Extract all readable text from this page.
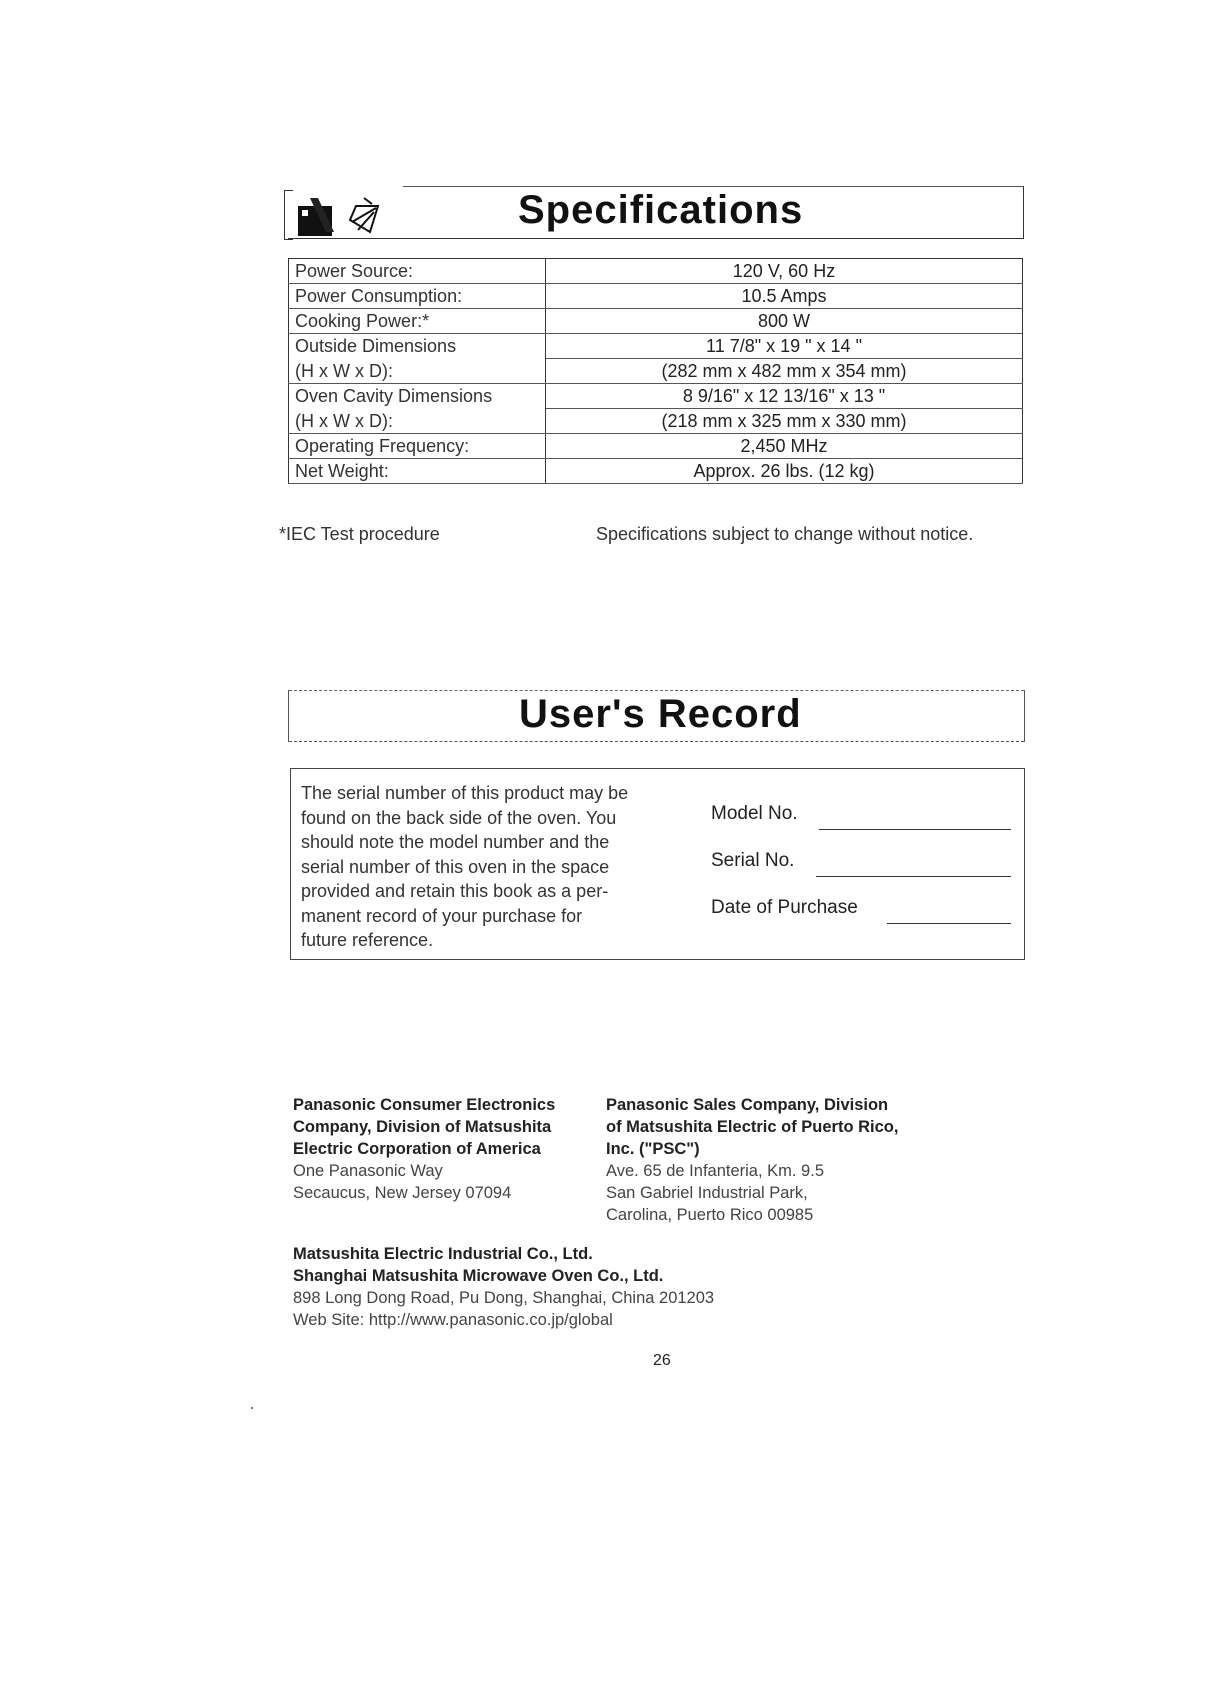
Specifications
Power Source:	120 V, 60 Hz
Power Consumption:	10.5 Amps
Cooking Power:*	800 W
Outside Dimensions	11 7/8" x 19 " x 14 "
(H x W x D):	(282 mm x 482 mm x 354 mm)
Oven Cavity Dimensions	8 9/16" x 12 13/16" x 13 "
(H x W x D):	(218 mm x 325 mm x 330 mm)
Operating Frequency:	2,450 MHz
Net Weight:	Approx. 26 lbs. (12 kg)
*IEC Test procedure	Specifications subject to change without notice.
User's Record
The serial number of this product may be
found on the back side of the oven. You
should note the model number and the
serial number of this oven in the space
provided and retain this book as a per-
manent record of your purchase for
future reference.
Model No.
Serial No.
Date of Purchase
Panasonic Consumer Electronics
Company, Division of Matsushita
Electric Corporation of America
One Panasonic Way
Secaucus, New Jersey 07094
Panasonic Sales Company, Division
of Matsushita Electric of Puerto Rico,
Inc. ("PSC")
Ave. 65 de Infanteria, Km. 9.5
San Gabriel Industrial Park,
Carolina, Puerto Rico 00985
Matsushita Electric Industrial Co., Ltd.
Shanghai Matsushita Microwave Oven Co., Ltd.
898 Long Dong Road, Pu Dong, Shanghai, China 201203
Web Site: http://www.panasonic.co.jp/global
26
